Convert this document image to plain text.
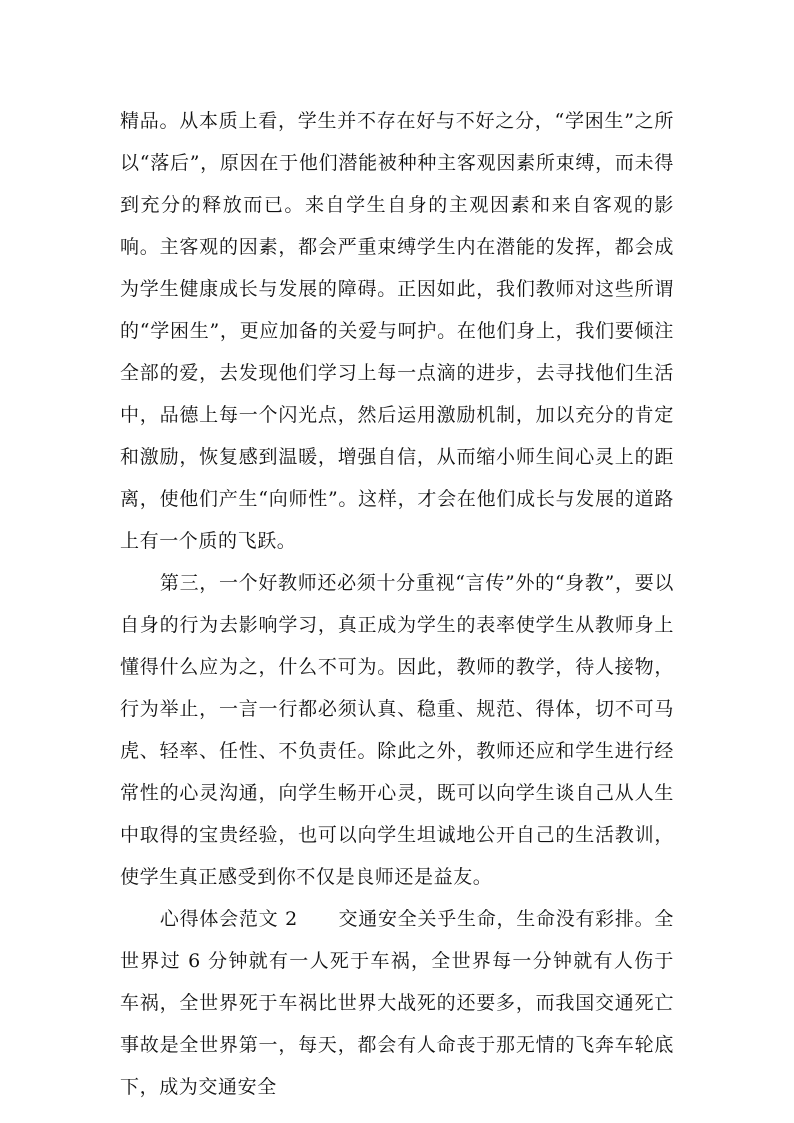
精品。从本质上看，学生并不存在好与不好之分，“学困生”之所以“落后”，原因在于他们潜能被种种主客观因素所束缚，而未得到充分的释放而已。来自学生自身的主观因素和来自客观的影响。主客观的因素，都会严重束缚学生内在潜能的发挥，都会成为学生健康成长与发展的障碍。正因如此，我们教师对这些所谓的“学困生”，更应加备的关爱与呵护。在他们身上，我们要倾注全部的爱，去发现他们学习上每一点滴的进步，去寻找他们生活中，品德上每一个闪光点，然后运用激励机制，加以充分的肯定和激励，恢复感到温暖，增强自信，从而缩小师生间心灵上的距离，使他们产生“向师性”。这样，才会在他们成长与发展的道路上有一个质的飞跃。

第三，一个好教师还必须十分重视“言传”外的“身教”，要以自身的行为去影响学习，真正成为学生的表率使学生从教师身上懂得什么应为之，什么不可为。因此，教师的教学，待人接物，行为举止，一言一行都必须认真、稳重、规范、得体，切不可马虎、轻率、任性、不负责任。除此之外，教师还应和学生进行经常性的心灵沟通，向学生畅开心灵，既可以向学生谈自己从人生中取得的宝贵经验，也可以向学生坦诚地公开自己的生活教训，使学生真正感受到你不仅是良师还是益友。

心得体会范文 2 交通安全关乎生命，生命没有彩排。全世界过 6 分钟就有一人死于车祸，全世界每一分钟就有人伤于车祸，全世界死于车祸比世界大战死的还要多，而我国交通死亡事故是全世界第一，每天，都会有人命丧于那无情的飞奔车轮底下，成为交通安全
